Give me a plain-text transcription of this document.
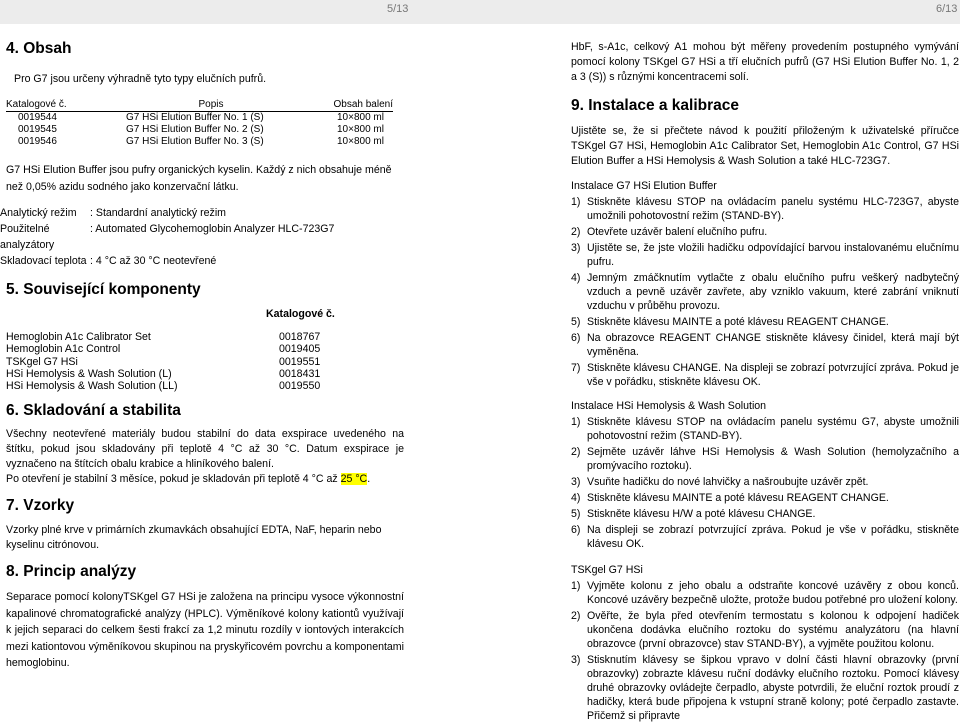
5/13	6/13

4. Obsah

Pro G7 jsou určeny výhradně tyto typy elučních pufrů.

Katalogové č.	Popis	Obsah balení
0019544	G7 HSi Elution Buffer No. 1 (S)	10×800 ml
0019545	G7 HSi Elution Buffer No. 2 (S)	10×800 ml
0019546	G7 HSi Elution Buffer No. 3 (S)	10×800 ml

G7 HSi Elution Buffer jsou pufry organických kyselin. Každý z nich obsahuje méně než 0,05% azidu sodného jako konzervační látku.

Analytický režim	: Standardní analytický režim
Použitelné analyzátory
: Automated Glycohemoglobin Analyzer HLC-723G7
Skladovací teplota : 4 °C až 30 °C neotevřené

5. Související komponenty

Katalogové č.

Hemoglobin A1c Calibrator Set	0018767
Hemoglobin A1c Control	0019405
TSKgel G7 HSi	0019551
HSi Hemolysis & Wash Solution (L)	0018431
HSi Hemolysis & Wash Solution (LL)	0019550

6. Skladování a stabilita

Všechny neotevřené materiály budou stabilní do data exspirace uvedeného na štítku, pokud jsou skladovány při teplotě 4 °C až 30 °C. Datum exspirace je vyznačeno na štítcích obalu krabice a hliníkového balení.

Po otevření je stabilní 3 měsíce, pokud je skladován při teplotě 4 °C až 25 °C.

7. Vzorky

Vzorky plné krve v primárních zkumavkách obsahující EDTA, NaF, heparin nebo kyselinu citrónovou.

8. Princip analýzy

Separace pomocí kolonyTSKgel G7 HSi je založena na principu vysoce výkonnostní kapalinové chromatografické analýzy (HPLC). Výměníkové kolony kationtů využívají k jejich separaci do celkem šesti frakcí za 1,2 minutu rozdíly v iontových interakcích mezi kationtovou výměníkovou skupinou na pryskyřicovém povrchu a komponentami hemoglobinu.

HbF, s-A1c, celkový A1 mohou být měřeny provedením postupného vymývání pomocí kolony TSKgel G7 HSi a tří elučních pufrů (G7 HSi Elution Buffer No. 1, 2 a 3 (S)) s různými koncentracemi solí.

9. Instalace a kalibrace

Ujistěte se, že si přečtete návod k použití přiloženým k uživatelské příručce TSKgel G7 HSi, Hemoglobin A1c Calibrator Set, Hemoglobin A1c Control, G7 HSi Elution Buffer a HSi Hemolysis & Wash Solution a také HLC-723G7.

Instalace G7 HSi Elution Buffer

1) Stiskněte klávesu STOP na ovládacím panelu systému HLC-723G7, abyste umožnili pohotovostní režim (STAND-BY).
2) Otevřete uzávěr balení elučního pufru.
3) Ujistěte se, že jste vložili hadičku odpovídající barvou instalovanému elučnímu pufru.
4) Jemným zmáčknutím vytlačte z obalu elučního pufru veškerý nadbytečný vzduch a pevně uzávěr zavřete, aby vzniklo vakuum, které zabrání vniknutí vzduchu v průběhu provozu.
5) Stiskněte klávesu MAINTE a poté klávesu REAGENT CHANGE.
6) Na obrazovce REAGENT CHANGE stiskněte klávesy činidel, která mají být vyměněna.
7) Stiskněte klávesu CHANGE. Na displeji se zobrazí potvrzující zpráva. Pokud je vše v pořádku, stiskněte klávesu OK.

Instalace HSi Hemolysis & Wash Solution

1) Stiskněte klávesu STOP na ovládacím panelu systému G7, abyste umožnili pohotovostní režim (STAND-BY).
2) Sejměte uzávěr láhve HSi Hemolysis & Wash Solution (hemolyzačního a promývacího roztoku).
3) Vsuňte hadičku do nové lahvičky a našroubujte uzávěr zpět.
4) Stiskněte klávesu MAINTE a poté klávesu REAGENT CHANGE.
5) Stiskněte klávesu H/W a poté klávesu CHANGE.
6) Na displeji se zobrazí potvrzující zpráva. Pokud je vše v pořádku, stiskněte klávesu OK.

TSKgel G7 HSi

1) Vyjměte kolonu z jeho obalu a odstraňte koncové uzávěry z obou konců. Koncové uzávěry bezpečně uložte, protože budou potřebné pro uložení kolony.
2) Ověřte, že byla před otevřením termostatu s kolonou k odpojení hadiček ukončena dodávka elučního roztoku do systému analyzátoru (na hlavní obrazovce (první obrazovce) stav STAND-BY), a vyjměte použitou kolonu.
3) Stisknutím klávesy se šipkou vpravo v dolní části hlavní obrazovky (první obrazovky) zobrazte klávesu ruční dodávky elučního roztoku. Pomocí klávesy druhé obrazovky ovládejte čerpadlo, abyste potvrdili, že eluční roztok proudí z hadičky, která bude připojena k vstupní straně kolony; poté čerpadlo zastavte. Přičemž si připravte
